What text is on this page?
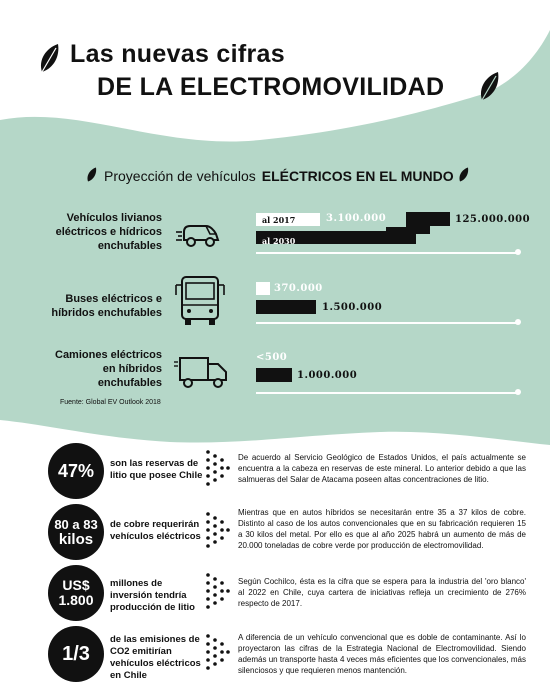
Las nuevas cifras
DE LA ELECTROMOVILIDAD
Proyección de vehículos ELÉCTRICOS EN EL MUNDO
Vehículos livianos eléctricos e hídricos enchufables
al 2017	3.100.000
al 2030
125.000.000
Buses eléctricos e híbridos enchufables
370.000
1.500.000
Camiones eléctricos en híbridos enchufables
<500
1.000.000
Fuente: Global EV Outlook 2018
47% son las reservas de litio que posee Chile
De acuerdo al Servicio Geológico de Estados Unidos, el país actualmente se encuentra a la cabeza en reservas de este mineral. Lo anterior debido a que las salmueras del Salar de Atacama poseen altas concentraciones de litio.
80 a 83
kilos
de cobre requerirán vehículos eléctricos
Mientras que en autos híbridos se necesitarán entre 35 a 37 kilos de cobre. Distinto al caso de los autos convencionales que en su fabricación requieren 15 a 30 kilos del metal. Por ello es que al año 2025 habrá un aumento de más de 20.000 toneladas de cobre verde por producción de electromovilidad.
US$
1.800
millones de inversión tendría producción de litio
Según Cochilco, ésta es la cifra que se espera para la industria del 'oro blanco' al 2022 en Chile, cuya cartera de iniciativas refleja un crecimiento de 276% respecto de 2017.
1/3
de las emisiones de CO2 emitirían vehículos eléctricos en Chile
A diferencia de un vehículo convencional que es doble de contaminante. Así lo proyectaron las cifras de la Estrategia Nacional de Electromovilidad. Siendo además un transporte hasta 4 veces más eficientes que los convencionales, más silenciosos y que requieren menos mantención.
